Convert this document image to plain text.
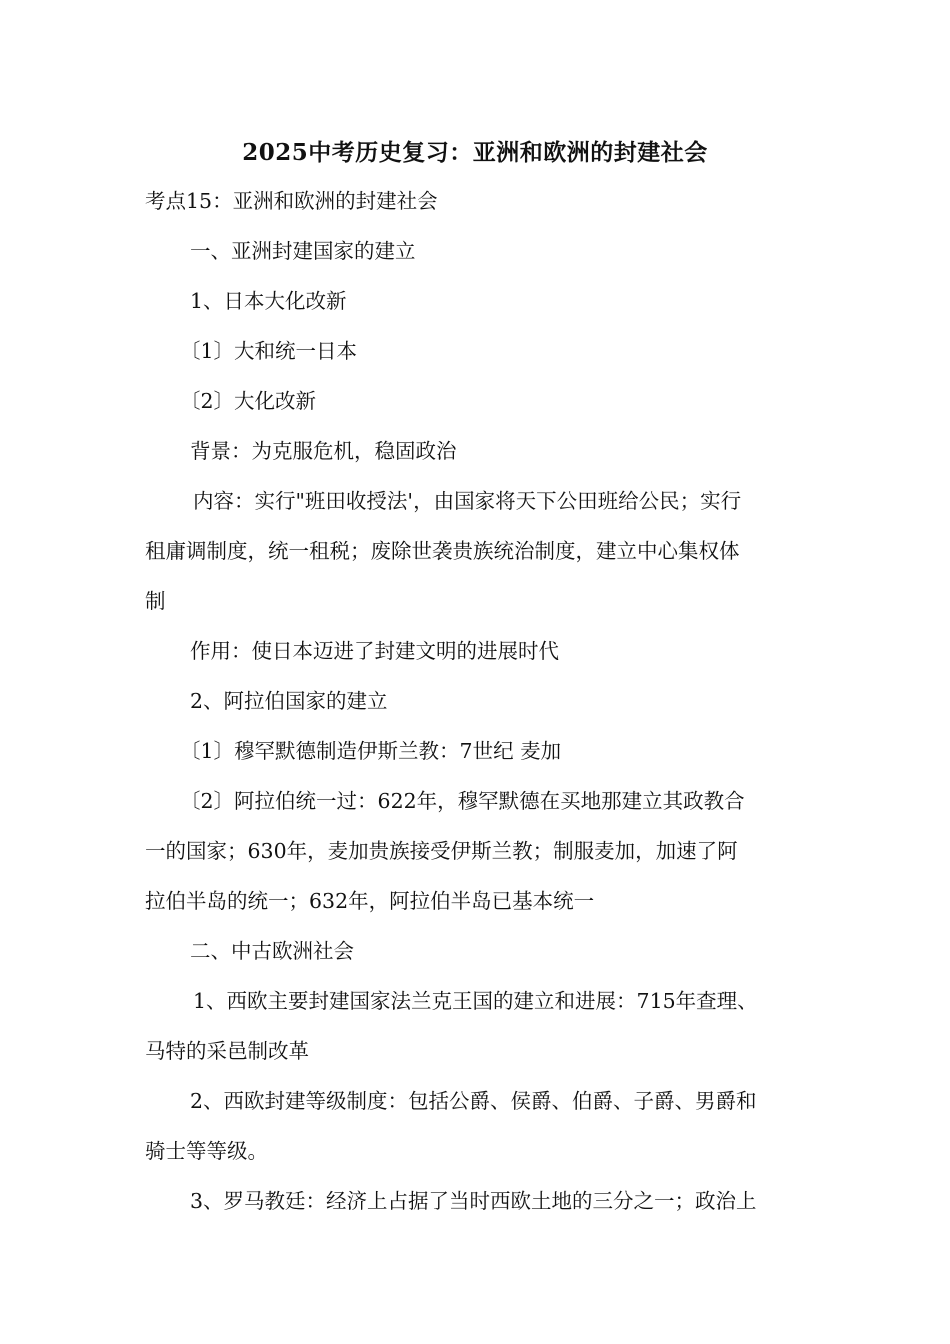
2025中考历史复习：亚洲和欧洲的封建社会
考点15：亚洲和欧洲的封建社会
一、亚洲封建国家的建立
1、日本大化改新
〔1〕大和统一日本
〔2〕大化改新
背景：为克服危机，稳固政治
内容：实行"班田收授法'，由国家将天下公田班给公民；实行
租庸调制度，统一租税；废除世袭贵族统治制度，建立中心集权体
制
作用：使日本迈进了封建文明的进展时代
2、阿拉伯国家的建立
〔1〕穆罕默德制造伊斯兰教：7世纪 麦加
〔2〕阿拉伯统一过：622年，穆罕默德在买地那建立其政教合
一的国家；630年，麦加贵族接受伊斯兰教；制服麦加，加速了阿
拉伯半岛的统一；632年，阿拉伯半岛已基本统一
二、中古欧洲社会
1、西欧主要封建国家法兰克王国的建立和进展：715年查理、
马特的采邑制改革
2、西欧封建等级制度：包括公爵、侯爵、伯爵、子爵、男爵和
骑士等等级。
3、罗马教廷：经济上占据了当时西欧土地的三分之一；政治上
